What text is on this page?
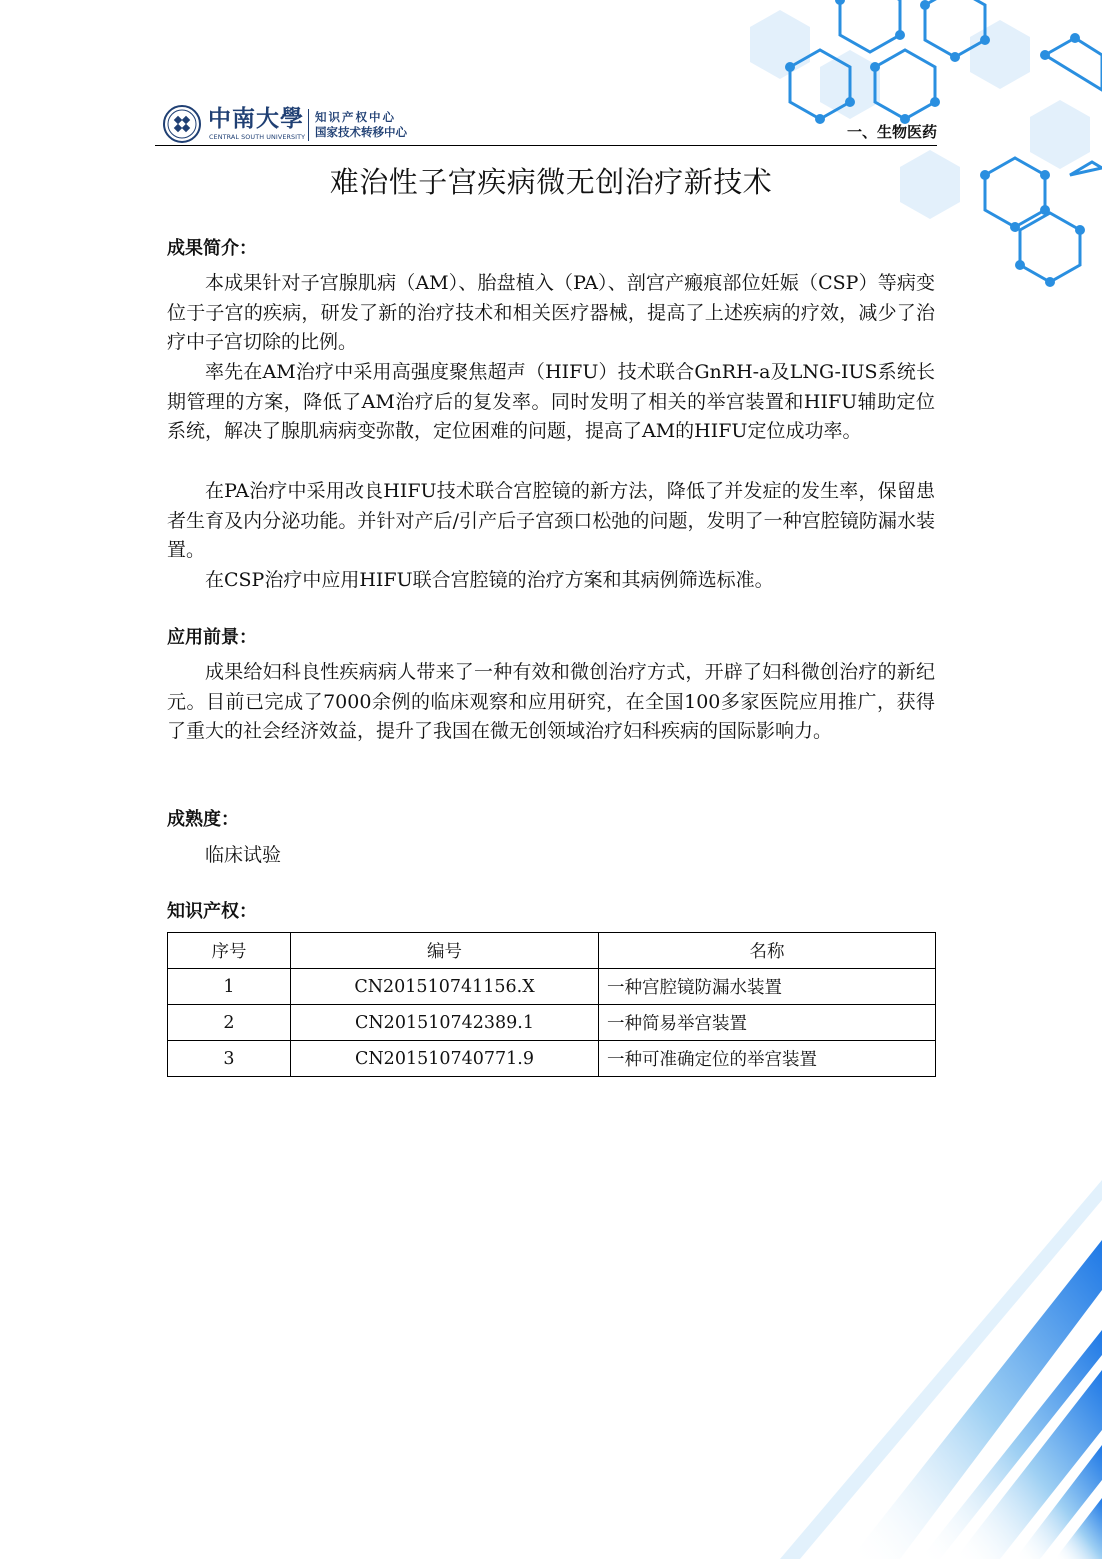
中南大學
CENTRAL SOUTH UNIVERSITY
知识产权中心
国家技术转移中心	一、生物医药
难治性子宫疾病微无创治疗新技术
成果简介：

本成果针对子宫腺肌病（AM）、胎盘植入（PA）、剖宫产瘢痕部位妊娠（CSP）等病变位于子宫的疾病，研发了新的治疗技术和相关医疗器械，提高了上述疾病的疗效，减少了治疗中子宫切除的比例。

率先在AM治疗中采用高强度聚焦超声（HIFU）技术联合GnRH-a及LNG-IUS系统长期管理的方案，降低了AM治疗后的复发率。同时发明了相关的举宫装置和HIFU辅助定位系统，解决了腺肌病病变弥散，定位困难的问题，提高了AM的HIFU定位成功率。

在PA治疗中采用改良HIFU技术联合宫腔镜的新方法，降低了并发症的发生率，保留患者生育及内分泌功能。并针对产后/引产后子宫颈口松弛的问题，发明了一种宫腔镜防漏水装置。

在CSP治疗中应用HIFU联合宫腔镜的治疗方案和其病例筛选标准。

应用前景：

成果给妇科良性疾病病人带来了一种有效和微创治疗方式，开辟了妇科微创治疗的新纪元。目前已完成了7000余例的临床观察和应用研究，在全国100多家医院应用推广，获得了重大的社会经济效益，提升了我国在微无创领域治疗妇科疾病的国际影响力。

成熟度：

临床试验

知识产权：
序号	编号	名称
1	CN201510741156.X	一种宫腔镜防漏水装置
2	CN201510742389.1	一种简易举宫装置
3	CN201510740771.9	一种可准确定位的举宫装置
